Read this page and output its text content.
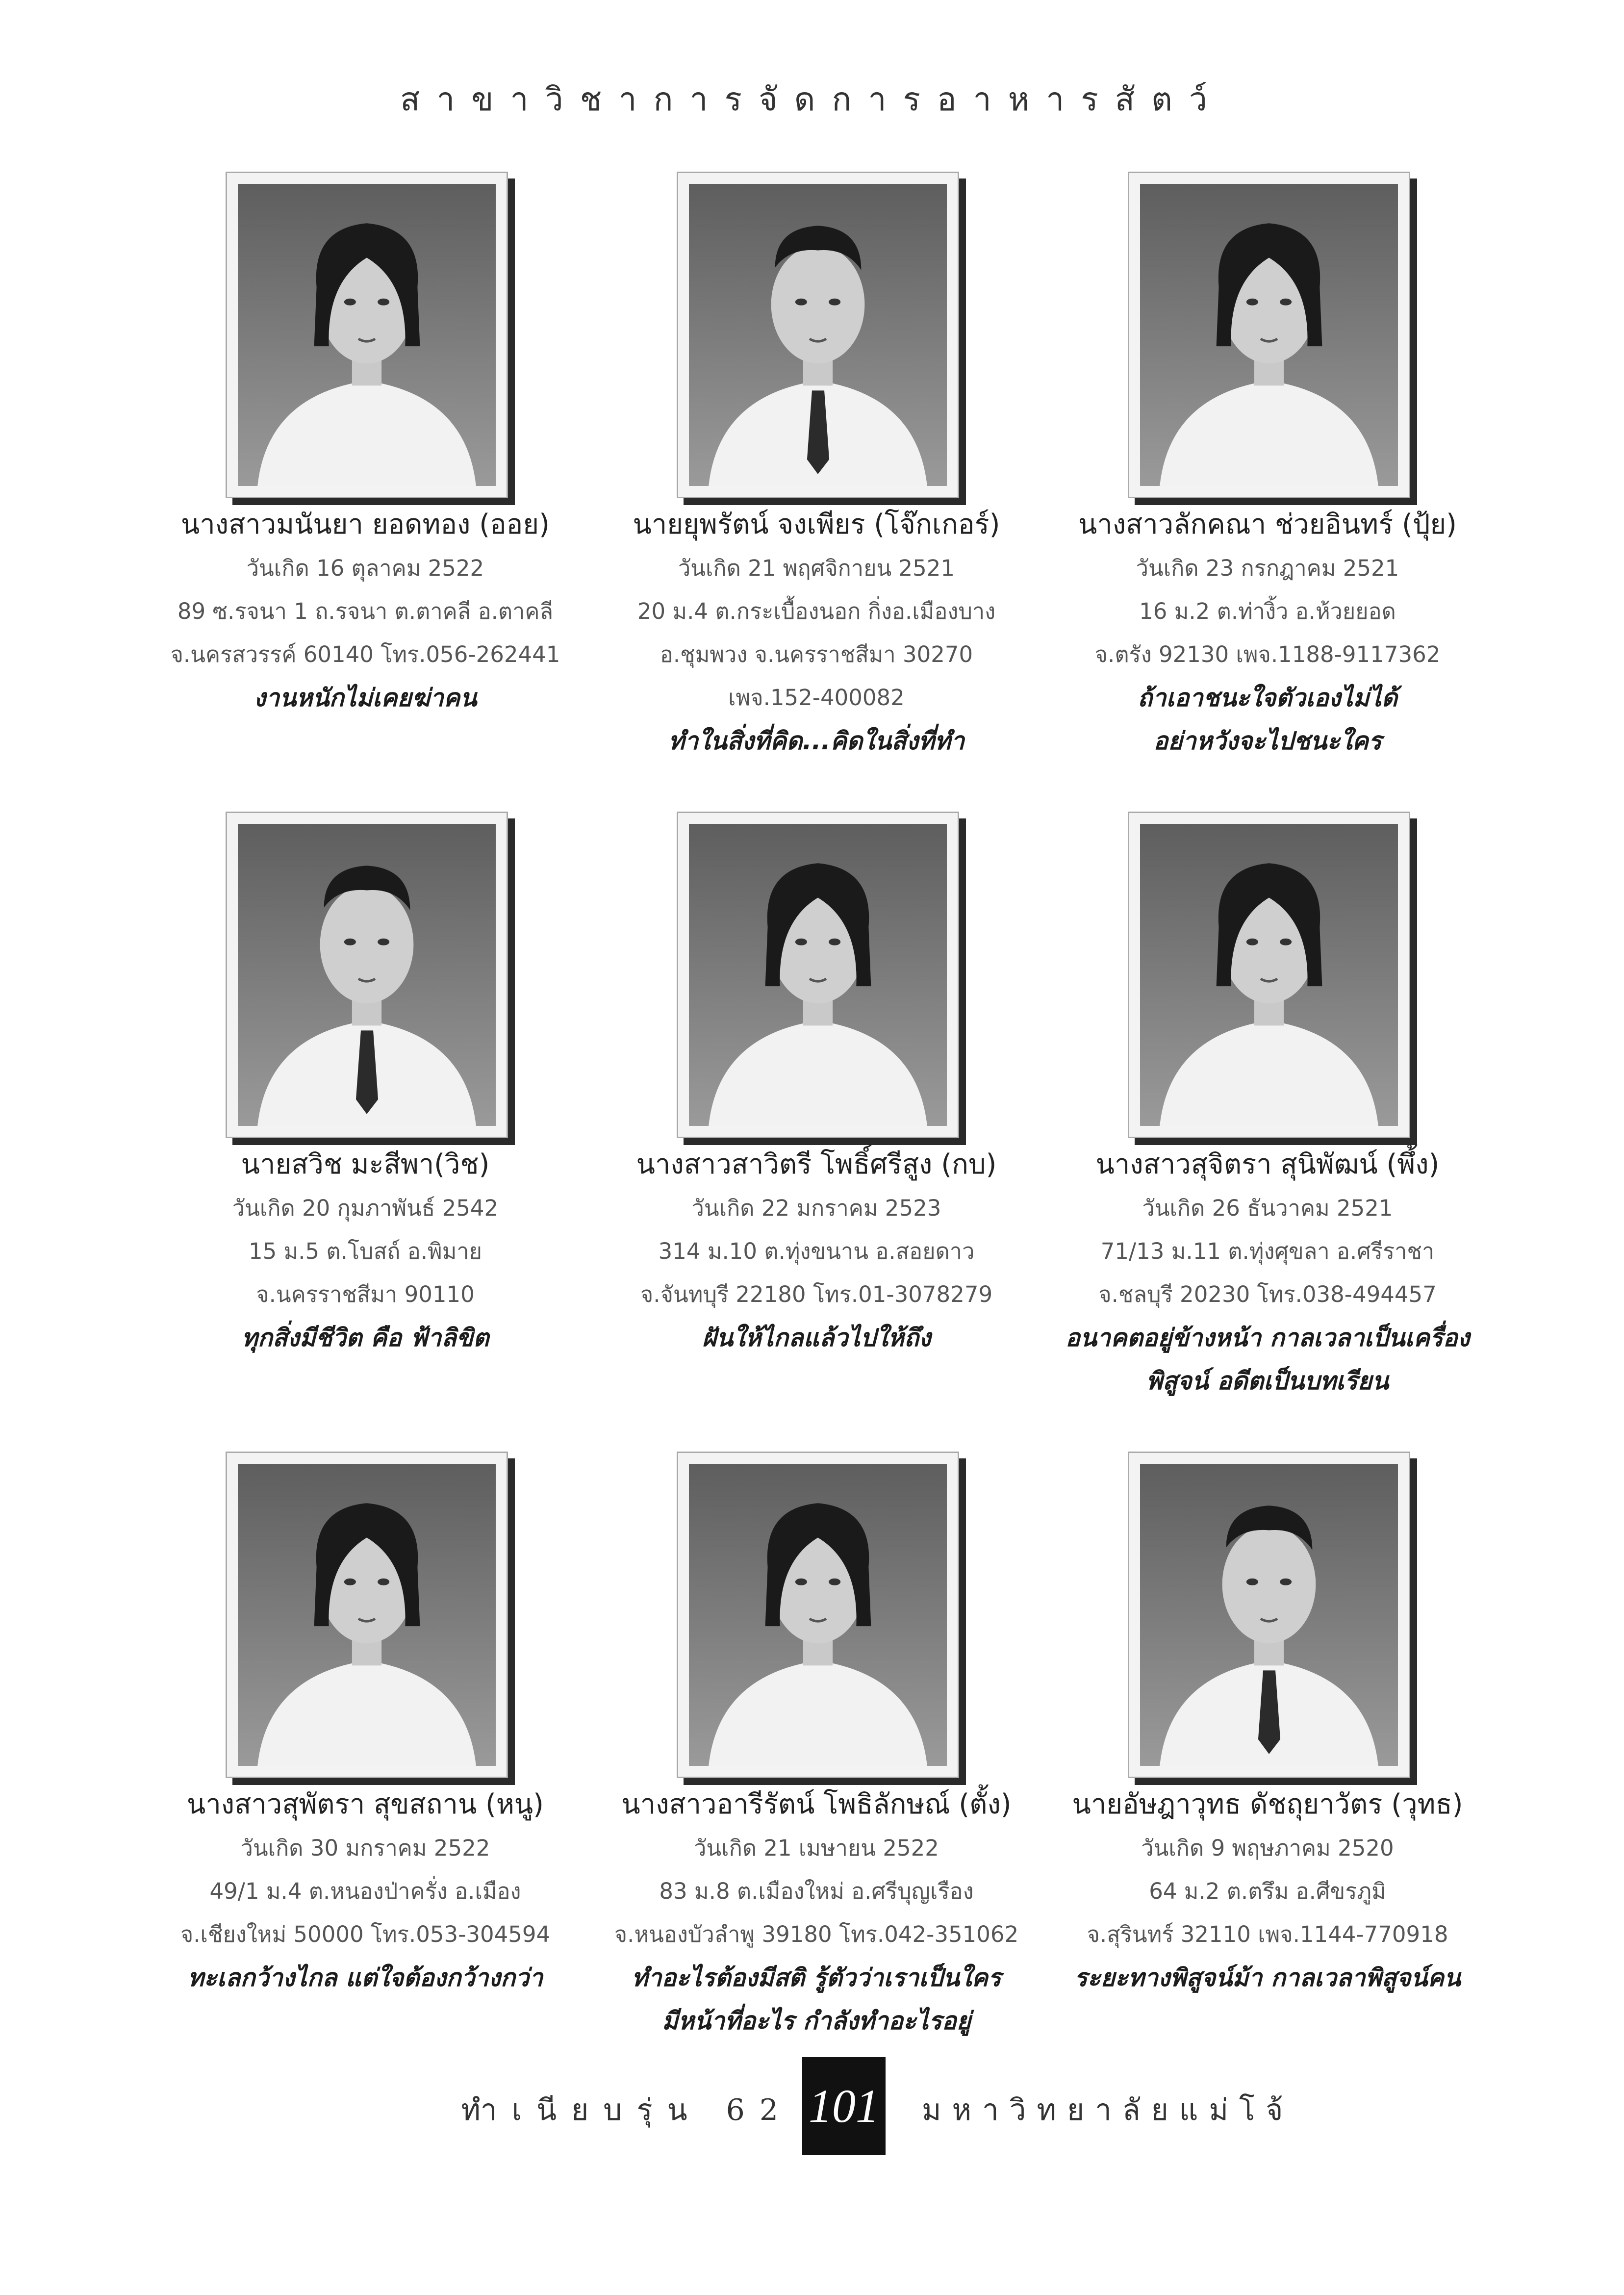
สาขาวิชาการจัดการอาหารสัตว์
นางสาวมนันยา ยอดทอง (ออย)
วันเกิด 16 ตุลาคม 2522
89 ซ.รจนา 1 ถ.รจนา ต.ตาคลี อ.ตาคลี
จ.นครสวรรค์ 60140 โทร.056-262441
งานหนักไม่เคยฆ่าคน
นายยุพรัตน์ จงเพียร (โจ๊กเกอร์)
วันเกิด 21 พฤศจิกายน 2521
20 ม.4 ต.กระเบื้องนอก กิ่งอ.เมืองบาง
อ.ชุมพวง จ.นครราชสีมา 30270
เพจ.152-400082
ทำในสิ่งที่คิด...คิดในสิ่งที่ทำ
นางสาวลักคณา ช่วยอินทร์ (ปุ้ย)
วันเกิด 23 กรกฎาคม 2521
16 ม.2 ต.ท่างิ้ว อ.ห้วยยอด
จ.ตรัง 92130 เพจ.1188-9117362
ถ้าเอาชนะใจตัวเองไม่ได้
อย่าหวังจะไปชนะใคร
นายสวิช มะสีพา(วิช)
วันเกิด 20 กุมภาพันธ์ 2542
15 ม.5 ต.โบสถ์ อ.พิมาย
จ.นครราชสีมา 90110
ทุกสิ่งมีชีวิต คือ ฟ้าลิขิต
นางสาวสาวิตรี โพธิ์ศรีสูง (กบ)
วันเกิด 22 มกราคม 2523
314 ม.10 ต.ทุ่งขนาน อ.สอยดาว
จ.จันทบุรี 22180 โทร.01-3078279
ฝันให้ไกลแล้วไปให้ถึง
นางสาวสุจิตรา สุนิพัฒน์ (พึ้ง)
วันเกิด 26 ธันวาคม 2521
71/13 ม.11 ต.ทุ่งศุขลา อ.ศรีราชา
จ.ชลบุรี 20230 โทร.038-494457
อนาคตอยู่ข้างหน้า กาลเวลาเป็นเครื่อง
พิสูจน์ อดีตเป็นบทเรียน
นางสาวสุพัตรา สุขสถาน (หนู)
วันเกิด 30 มกราคม 2522
49/1 ม.4 ต.หนองป่าครั่ง อ.เมือง
จ.เชียงใหม่ 50000 โทร.053-304594
ทะเลกว้างไกล แต่ใจต้องกว้างกว่า
นางสาวอารีรัตน์ โพธิลักษณ์ (ตั้ง)
วันเกิด 21 เมษายน 2522
83 ม.8 ต.เมืองใหม่ อ.ศรีบุญเรือง
จ.หนองบัวลำพู 39180 โทร.042-351062
ทำอะไรต้องมีสติ รู้ตัวว่าเราเป็นใคร
มีหน้าที่อะไร กำลังทำอะไรอยู่
นายอัษฎาวุทธ ดัชถุยาวัตร (วุทธ)
วันเกิด 9 พฤษภาคม 2520
64 ม.2 ต.ตรึม อ.ศีขรภูมิ
จ.สุรินทร์ 32110 เพจ.1144-770918
ระยะทางพิสูจน์ม้า กาลเวลาพิสูจน์คน
ทำเนียบรุ่น 62 101 มหาวิทยาลัยแม่โจ้
